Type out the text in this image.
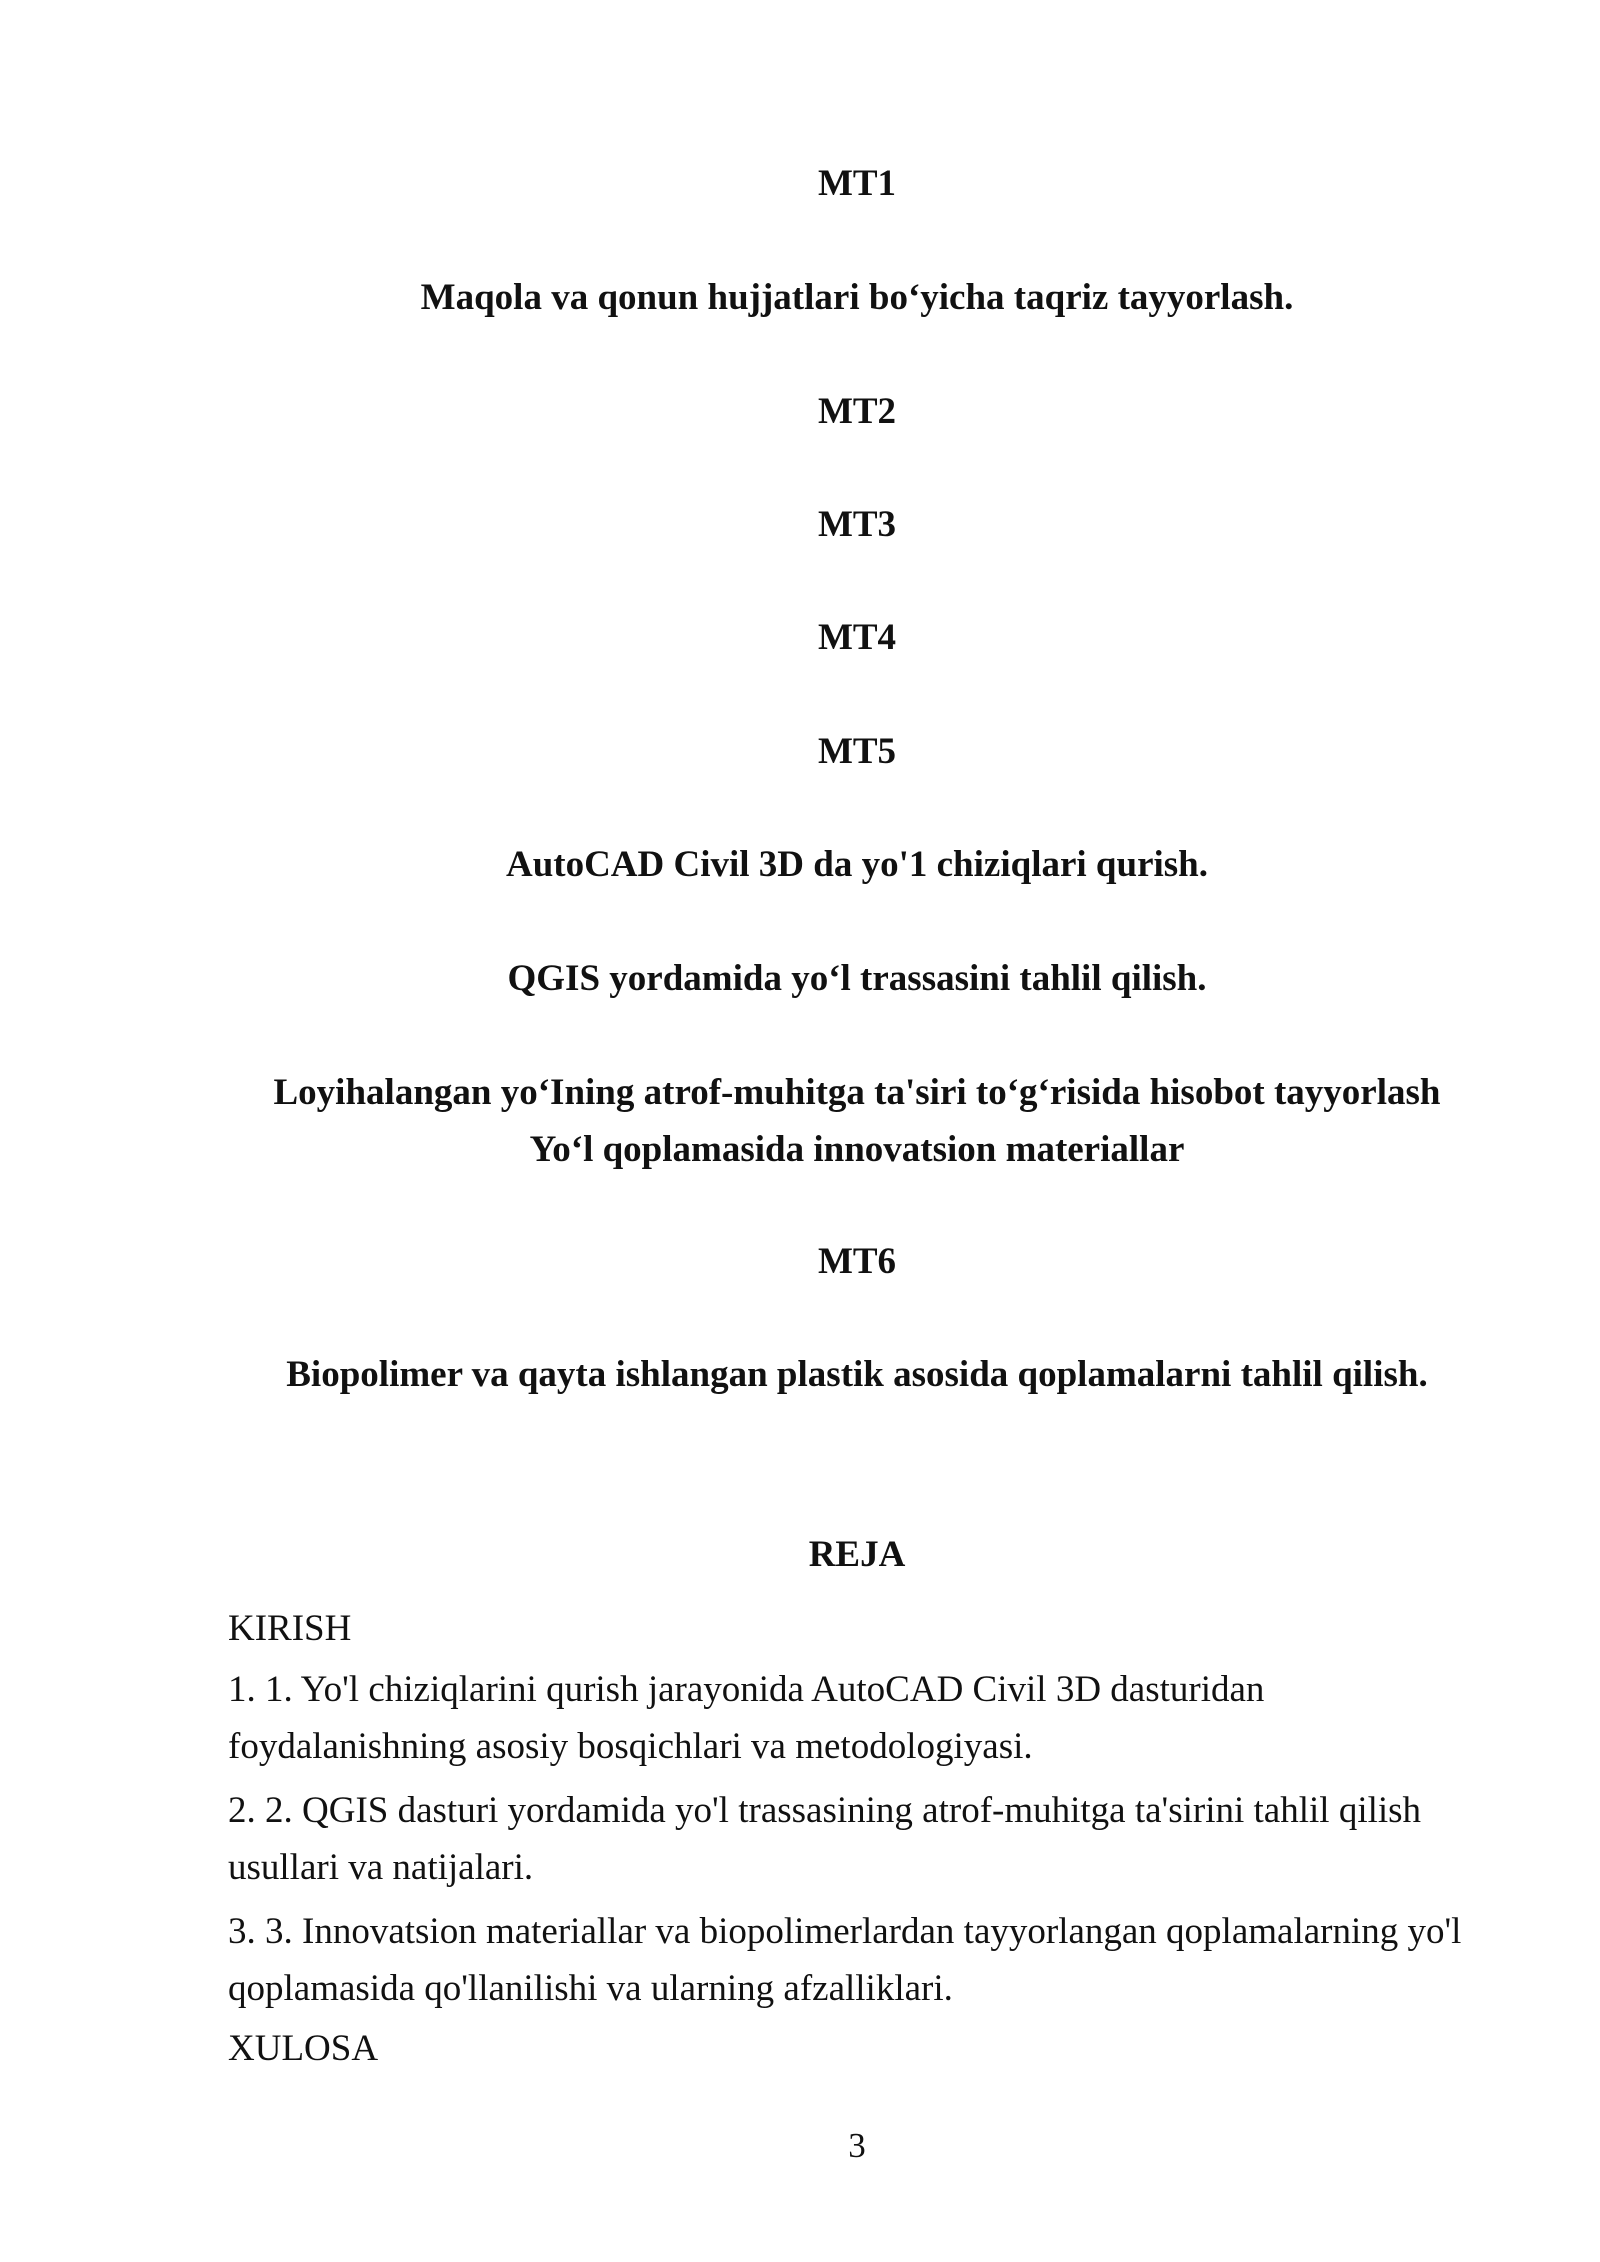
MT1
Maqola va qonun hujjatlari bo‘yicha taqriz tayyorlash.
MT2
MT3
MT4
MT5
AutoCAD Civil 3D da yo'1 chiziqlari qurish.
QGIS yordamida yo‘l trassasini tahlil qilish.
Loyihalangan yo‘Ining atrof-muhitga ta'siri to‘g‘risida hisobot tayyorlash
Yo‘l qoplamasida innovatsion materiallar
MT6
Biopolimer va qayta ishlangan plastik asosida qoplamalarni tahlil qilish.
REJA
KIRISH
1. 1. Yo'l chiziqlarini qurish jarayonida AutoCAD Civil 3D dasturidan
foydalanishning asosiy bosqichlari va metodologiyasi.
2. 2. QGIS dasturi yordamida yo'l trassasining atrof-muhitga ta'sirini tahlil qilish
usullari va natijalari.
3. 3. Innovatsion materiallar va biopolimerlardan tayyorlangan qoplamalarning yo'l
qoplamasida qo'llanilishi va ularning afzalliklari.
XULOSA
3
